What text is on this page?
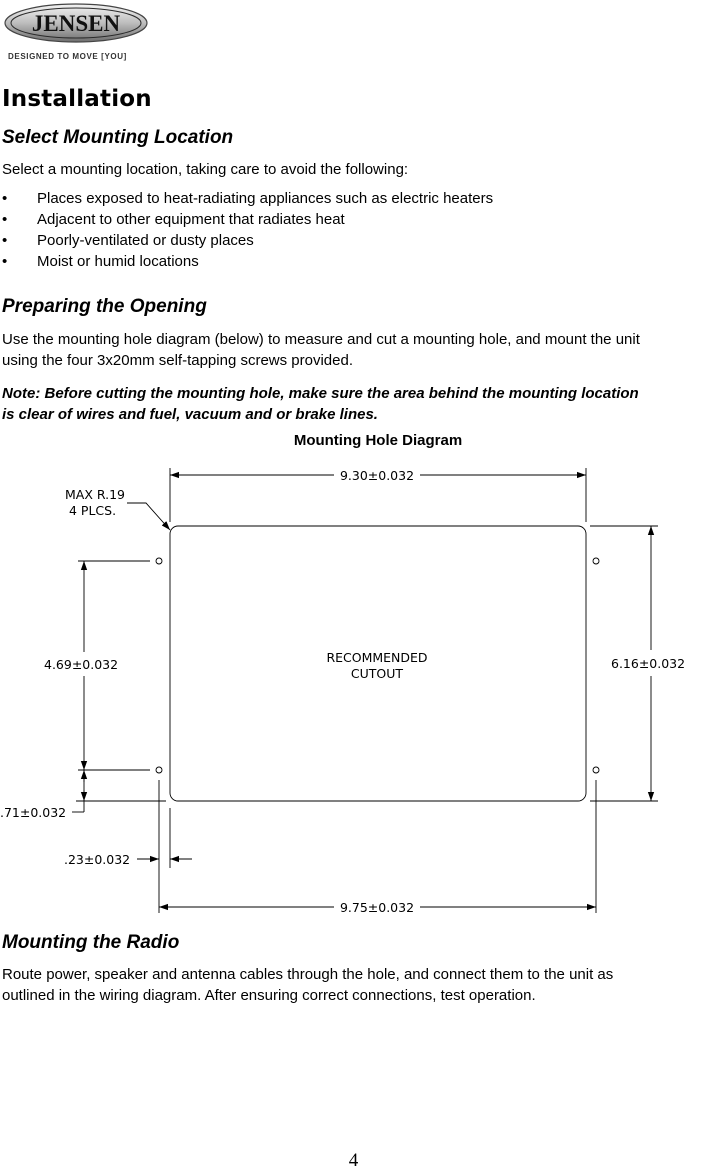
JENSEN
DESIGNED TO MOVE [YOU]
Installation
Select Mounting Location

Select a mounting location, taking care to avoid the following:

• Places exposed to heat-radiating appliances such as electric heaters
• Adjacent to other equipment that radiates heat
• Poorly-ventilated or dusty places
• Moist or humid locations
Preparing the Opening

Use the mounting hole diagram (below) to measure and cut a mounting hole, and mount the unit
using the four 3x20mm self-tapping screws provided.

Note: Before cutting the mounting hole, make sure the area behind the mounting location
is clear of wires and fuel, vacuum and or brake lines.

Mounting Hole Diagram
9.30±0.032
MAX R.19
4 PLCS.
4.69±0.032	6.16±0.032
RECOMMENDED
CUTOUT
.71±0.032
.23±0.032
9.75±0.032
Mounting the Radio

Route power, speaker and antenna cables through the hole, and connect them to the unit as
outlined in the wiring diagram. After ensuring correct connections, test operation.

4
